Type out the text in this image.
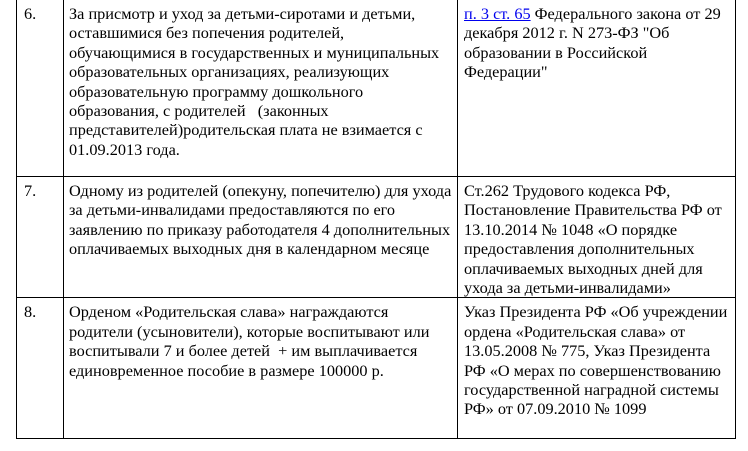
6.	За присмотр и уход за детьми-сиротами и детьми, оставшимися без попечения родителей, обучающимися в государственных и муниципальных образовательных организациях, реализующих образовательную программу дошкольного образования, с родителей   (законных представителей)родительская плата не взимается с 01.09.2013 года.	п. 3 ст. 65 Федерального закона от 29 декабря 2012 г. N 273-ФЗ "Об образовании в Российской Федерации"
7.	Одному из родителей (опекуну, попечителю) для ухода за детьми-инвалидами предоставляются по его заявлению по приказу работодателя 4 дополнительных оплачиваемых выходных дня в календарном месяце	Ст.262 Трудового кодекса РФ, Постановление Правительства РФ от 13.10.2014 № 1048 «О порядке предоставления дополнительных оплачиваемых выходных дней для ухода за детьми-инвалидами»
8.	Орденом «Родительская слава» награждаются родители (усыновители), которые воспитывают или воспитывали 7 и более детей  + им выплачивается единовременное пособие в размере 100000 р.	Указ Президента РФ «Об учреждении ордена «Родительская слава» от 13.05.2008 № 775, Указ Президента РФ «О мерах по совершенствованию государственной наградной системы РФ» от 07.09.2010 № 1099
